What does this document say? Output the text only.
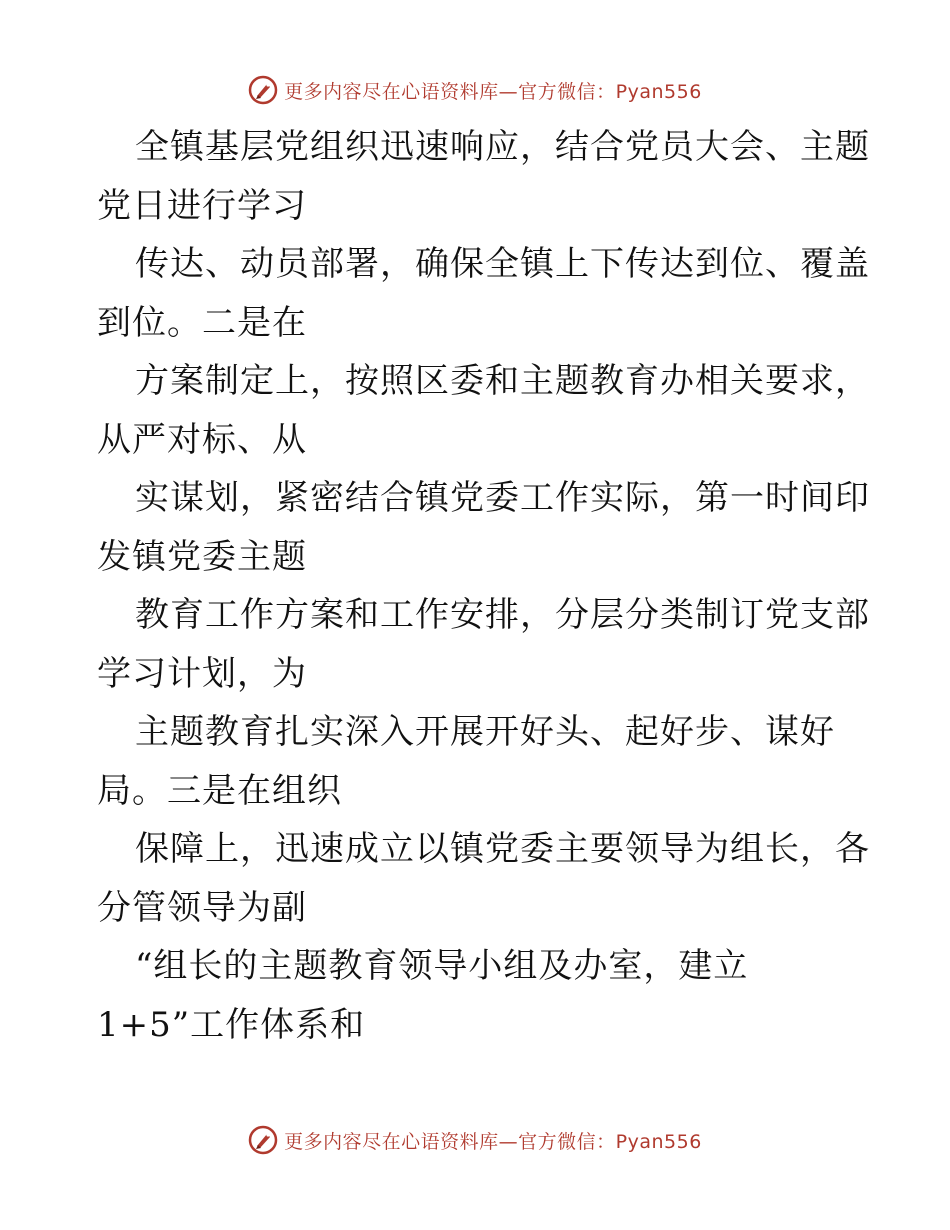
更多内容尽在心语资料库—官方微信：Pyan556
全镇基层党组织迅速响应，结合党员大会、主题
党日进行学习
传达、动员部署，确保全镇上下传达到位、覆盖
到位。二是在
方案制定上，按照区委和主题教育办相关要求，
从严对标、从
实谋划，紧密结合镇党委工作实际，第一时间印
发镇党委主题
教育工作方案和工作安排，分层分类制订党支部
学习计划，为
主题教育扎实深入开展开好头、起好步、谋好
局。三是在组织
保障上，迅速成立以镇党委主要领导为组长，各
分管领导为副
“组长的主题教育领导小组及办室，建立
1+5”工作体系和
更多内容尽在心语资料库—官方微信：Pyan556
